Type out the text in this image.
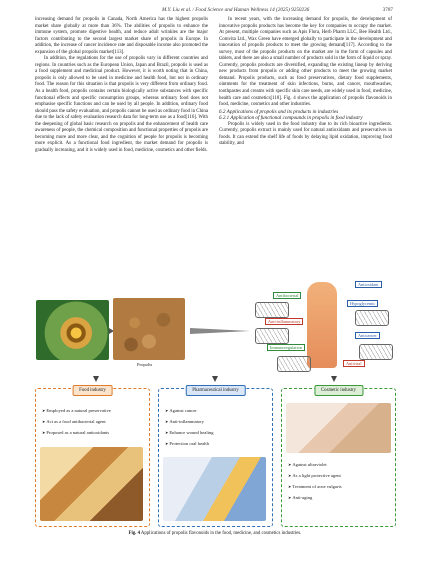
M.Y. Liu et al. / Food Science and Human Wellness 14 (2025) 9250236	3787

increasing demand for propolis in Canada, North America has the highest propolis market share globally at more than 36%. The abilities of propolis to enhance the immune system, promote digestive health, and reduce adult wrinkles are the major factors contributing to the second largest market share of propolis in Europe. In addition, the increase of cancer incidence rate and disposable income also promoted the expansion of the global propolis market[113].

In addition, the regulations for the use of propolis vary in different countries and regions. In countries such as the European Union, Japan and Brazil, propolis is used as a food supplement and medicinal product. However, it is worth noting that in China, propolis is only allowed to be used in medicine and health food, but not in ordinary food. The reason for this situation is that propolis is very different from ordinary food. As a health food, propolis contains certain biologically active substances with specific functional effects and specific consumption groups, whereas ordinary food does not emphasise specific functions and can be used by all people. In addition, ordinary food should pass the safety evaluation, and propolis cannot be used as ordinary food in China due to the lack of safety evaluation research data for long-term use as a food[116]. With the deepening of global basic research on propolis and the enhancement of health care awareness of people, the chemical composition and functional properties of propolis are becoming more and more clear, and the cognition of people for propolis is becoming more explicit. As a functional food ingredient, the market demand for propolis is gradually increasing, and it is widely used in food, medicine, cosmetics and other fields.

In recent years, with the increasing demand for propolis, the development of innovative propolis products has become the key for companies to occupy the market. At present, multiple companies such as Apis Flora, Herb Pharm LLC, Bee Health Ltd., Comvita Ltd., Wax Green have emerged globally to participate in the development and innovation of propolis products to meet the growing demand[117]. According to the survey, most of the propolis products on the market are in the form of capsules and tablets, and there are also a small number of products sold in the form of liquid or spray. Currently, propolis products are diversified, expanding the existing lineup by deriving new products from propolis or adding other products to meet the growing market demand. Propolis products, such as food preservatives, dietary food supplements, ointments for the treatment of skin infections, burns, and cancer, mouthwashes, toothpastes and creams with specific skin care needs, are widely used in food, medicine, health care and cosmetics[118]. Fig. 4 shows the application of propolis flavonoids in food, medicine, cosmetics and other industries.

6.2 Applications of propolis and its products in industries

6.2.1 Application of functional compounds in propolis in food industry

Propolis is widely used in the food industry due to its rich bioactive ingredients. Currently, propolis extract is mainly used for natural antioxidants and preservatives in foods. It can extend the shelf life of foods by delaying lipid oxidation, improving food stability, and

Propolis
Antioxidant
Antibacterial
Hypoglycemic
Anti-inflammatory
Anticancer
Immunoregulation
Antiviral
Food industry
➤ Employed as a natural preservative
➤ Act as a food antibacterial agent
➤ Proposed as a natural antioxidants
Pharmaceutical industry
➤ Against cancer
➤ Anti-inflammatory
➤ Enhance wound healing
➤ Protection oral health
Cosmetic industry
➤ Against ultraviolet
➤ As a light protective agent
➤ Treatment of acne vulgaris
➤ Anti-aging
Fig. 4 Applications of propolis flavonoids in the food, medicine, and cosmetics industries.
